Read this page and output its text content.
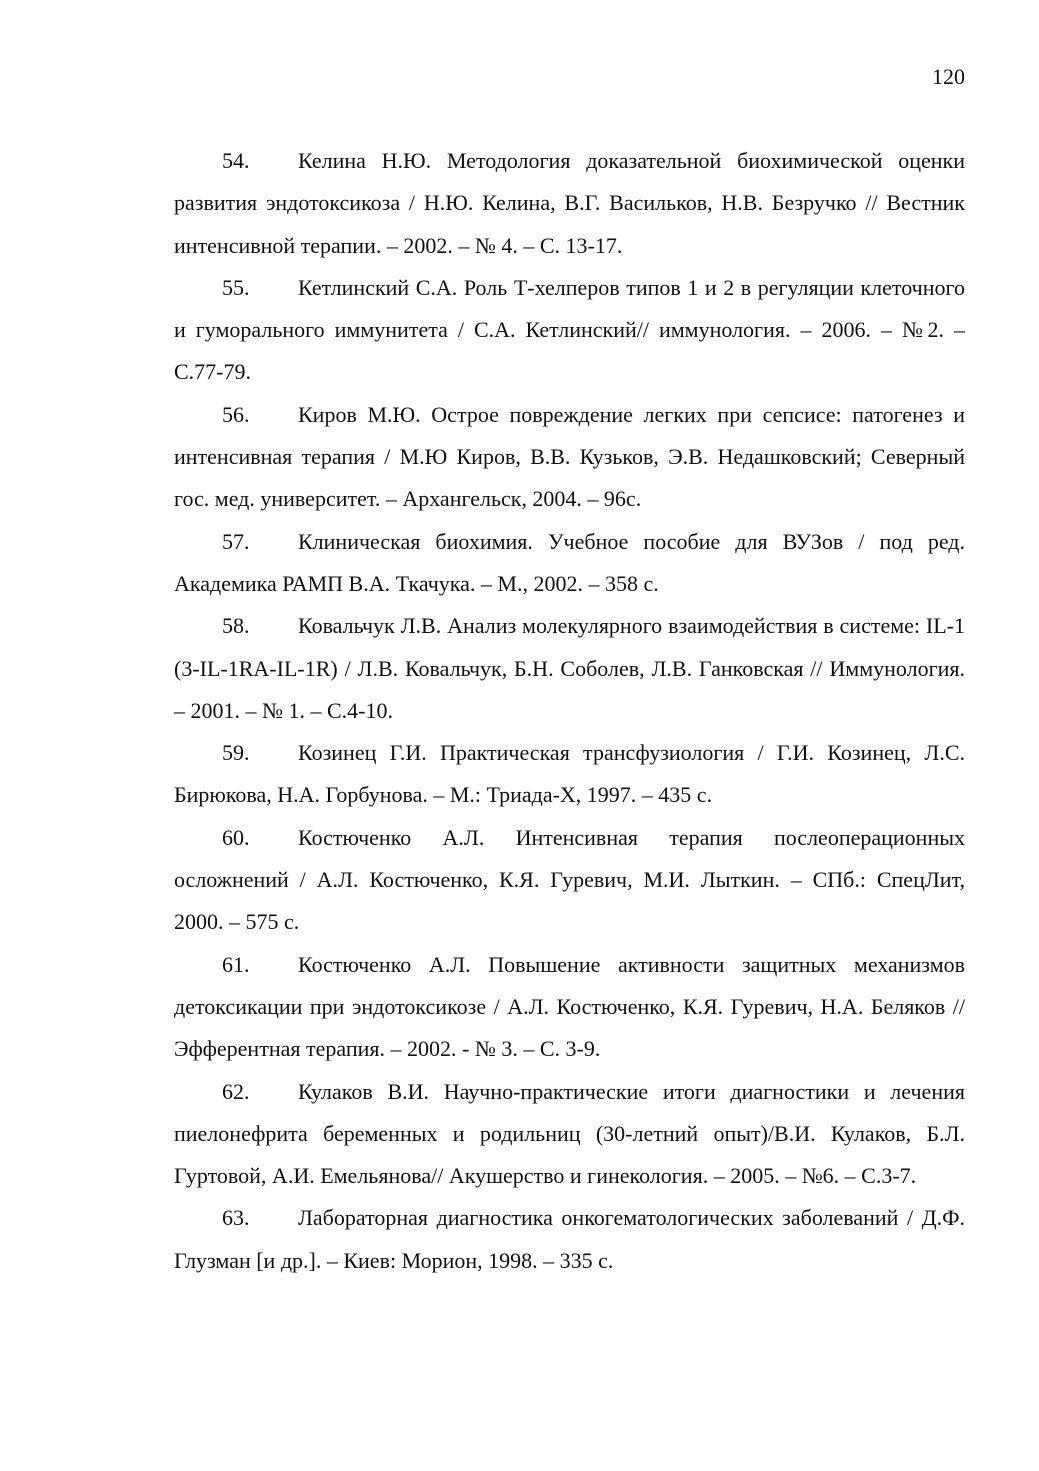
120

54. Келина Н.Ю. Методология доказательной биохимической оценки развития эндотоксикоза / Н.Ю. Келина, В.Г. Васильков, Н.В. Безручко // Вестник интенсивной терапии. – 2002. – № 4. – С. 13-17.

55. Кетлинский С.А. Роль Т-хелперов типов 1 и 2 в регуляции клеточного и гуморального иммунитета / С.А. Кетлинский// иммунология. – 2006. – №2. – С.77-79.

56. Киров М.Ю. Острое повреждение легких при сепсисе: патогенез и интенсивная терапия / М.Ю Киров, В.В. Кузьков, Э.В. Недашковский; Северный гос. мед. университет. – Архангельск, 2004. – 96с.

57. Клиническая биохимия. Учебное пособие для ВУЗов / под ред. Академика РАМП В.А. Ткачука. – М., 2002. – 358 с.

58. Ковальчук Л.В. Анализ молекулярного взаимодействия в системе: IL-1 (3-IL-1RA-IL-1R) / Л.В. Ковальчук, Б.Н. Соболев, Л.В. Ганковская // Иммунология. – 2001. – № 1. – С.4-10.

59. Козинец Г.И. Практическая трансфузиология / Г.И. Козинец, Л.С. Бирюкова, Н.А. Горбунова. – М.: Триада-Х, 1997. – 435 с.

60. Костюченко А.Л. Интенсивная терапия послеоперационных осложнений / А.Л. Костюченко, К.Я. Гуревич, М.И. Лыткин. – СПб.: СпецЛит, 2000. – 575 с.

61. Костюченко А.Л. Повышение активности защитных механизмов детоксикации при эндотоксикозе / А.Л. Костюченко, К.Я. Гуревич, Н.А. Беляков // Эфферентная терапия. – 2002. - № 3. – С. 3-9.

62. Кулаков В.И. Научно-практические итоги диагностики и лечения пиелонефрита беременных и родильниц (30-летний опыт)/В.И. Кулаков, Б.Л. Гуртовой, А.И. Емельянова// Акушерство и гинекология. – 2005. – №6. – С.3-7.

63. Лабораторная диагностика онкогематологических заболеваний / Д.Ф. Глузман [и др.]. – Киев: Морион, 1998. – 335 с.
